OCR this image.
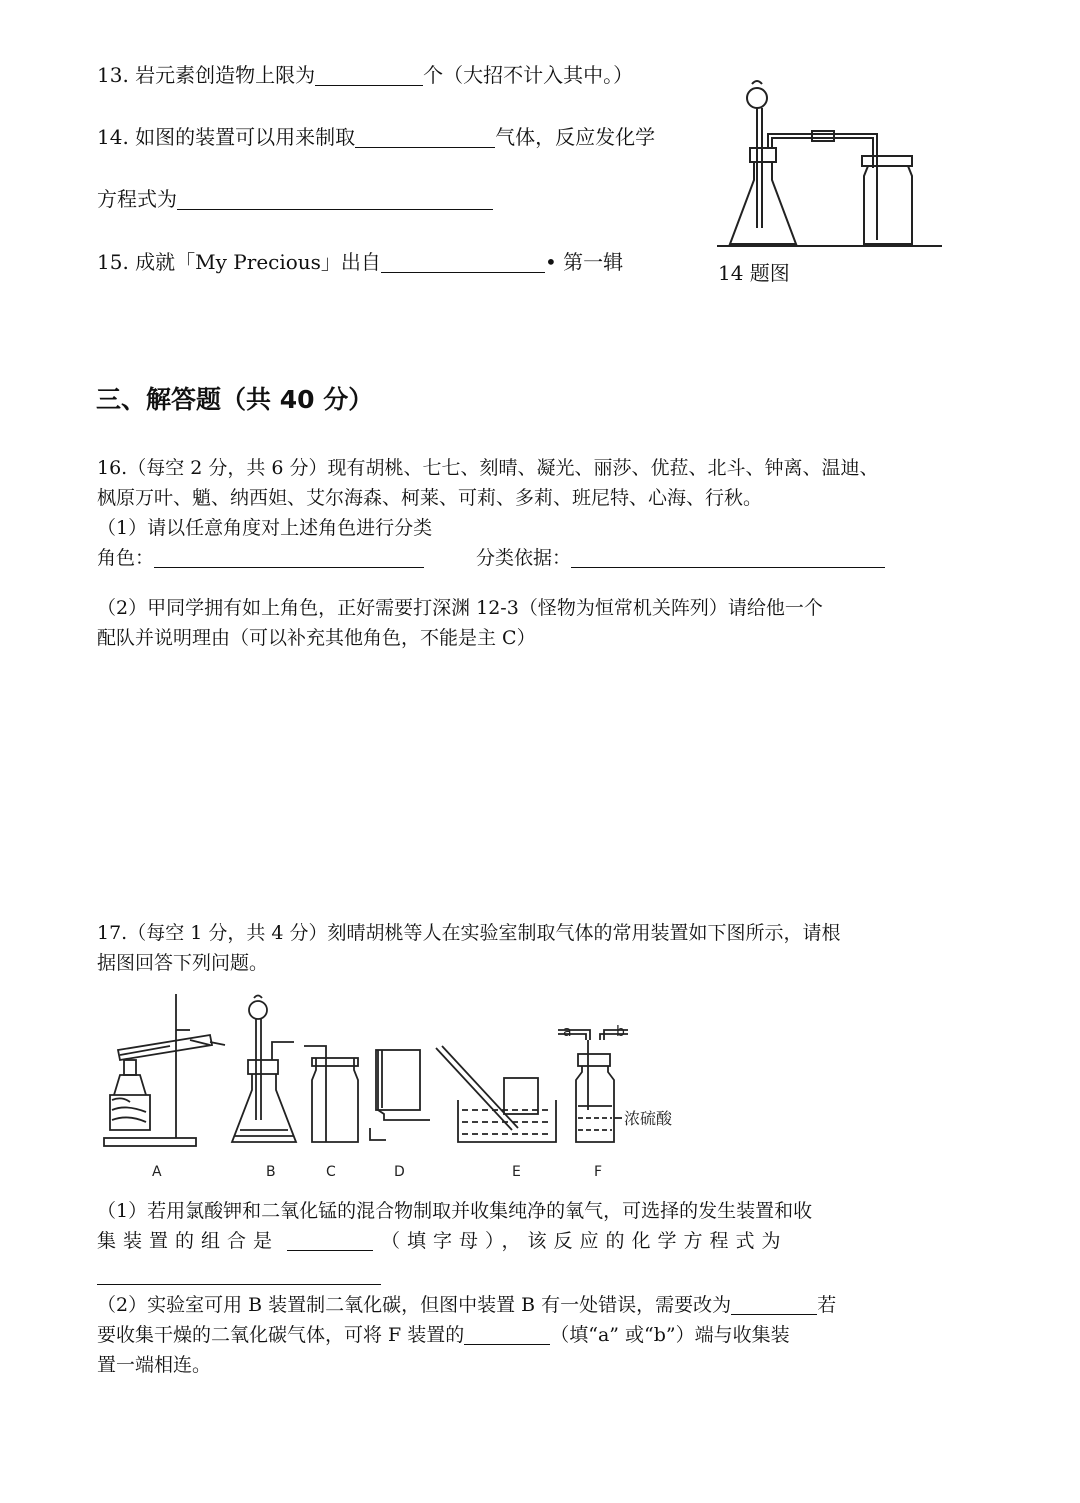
13. 岩元素创造物上限为	个（大招不计入其中。）
14. 如图的装置可以用来制取	气体，反应发化学
方程式为
15. 成就「My Precious」出自	• 第一辑	14 题图
三、解答题（共 40 分）

16.（每空 2 分，共 6 分）现有胡桃、七七、刻晴、凝光、丽莎、优菈、北斗、钟离、温迪、

枫原万叶、魈、纳西妲、艾尔海森、柯莱、可莉、多莉、班尼特、心海、行秋。

（1）请以任意角度对上述角色进行分类

角色：	分类依据：

（2）甲同学拥有如上角色，正好需要打深渊 12-3（怪物为恒常机关阵列）请给他一个

配队并说明理由（可以补充其他角色，不能是主 C）

17.（每空 1 分，共 4 分）刻晴胡桃等人在实验室制取气体的常用装置如下图所示，请根

据图回答下列问题。

a	b
浓硫酸
A	B	C	D	E	F

（1）若用氯酸钾和二氧化锰的混合物制取并收集纯净的氧气，可选择的发生装置和收

集装置的组合是	（填字母），该反应的化学方程式为

（2）实验室可用 B 装置制二氧化碳，但图中装置 B 有一处错误，需要改为	若

要收集干燥的二氧化碳气体，可将 F 装置的	（填“a” 或“b”）端与收集装

置一端相连。
